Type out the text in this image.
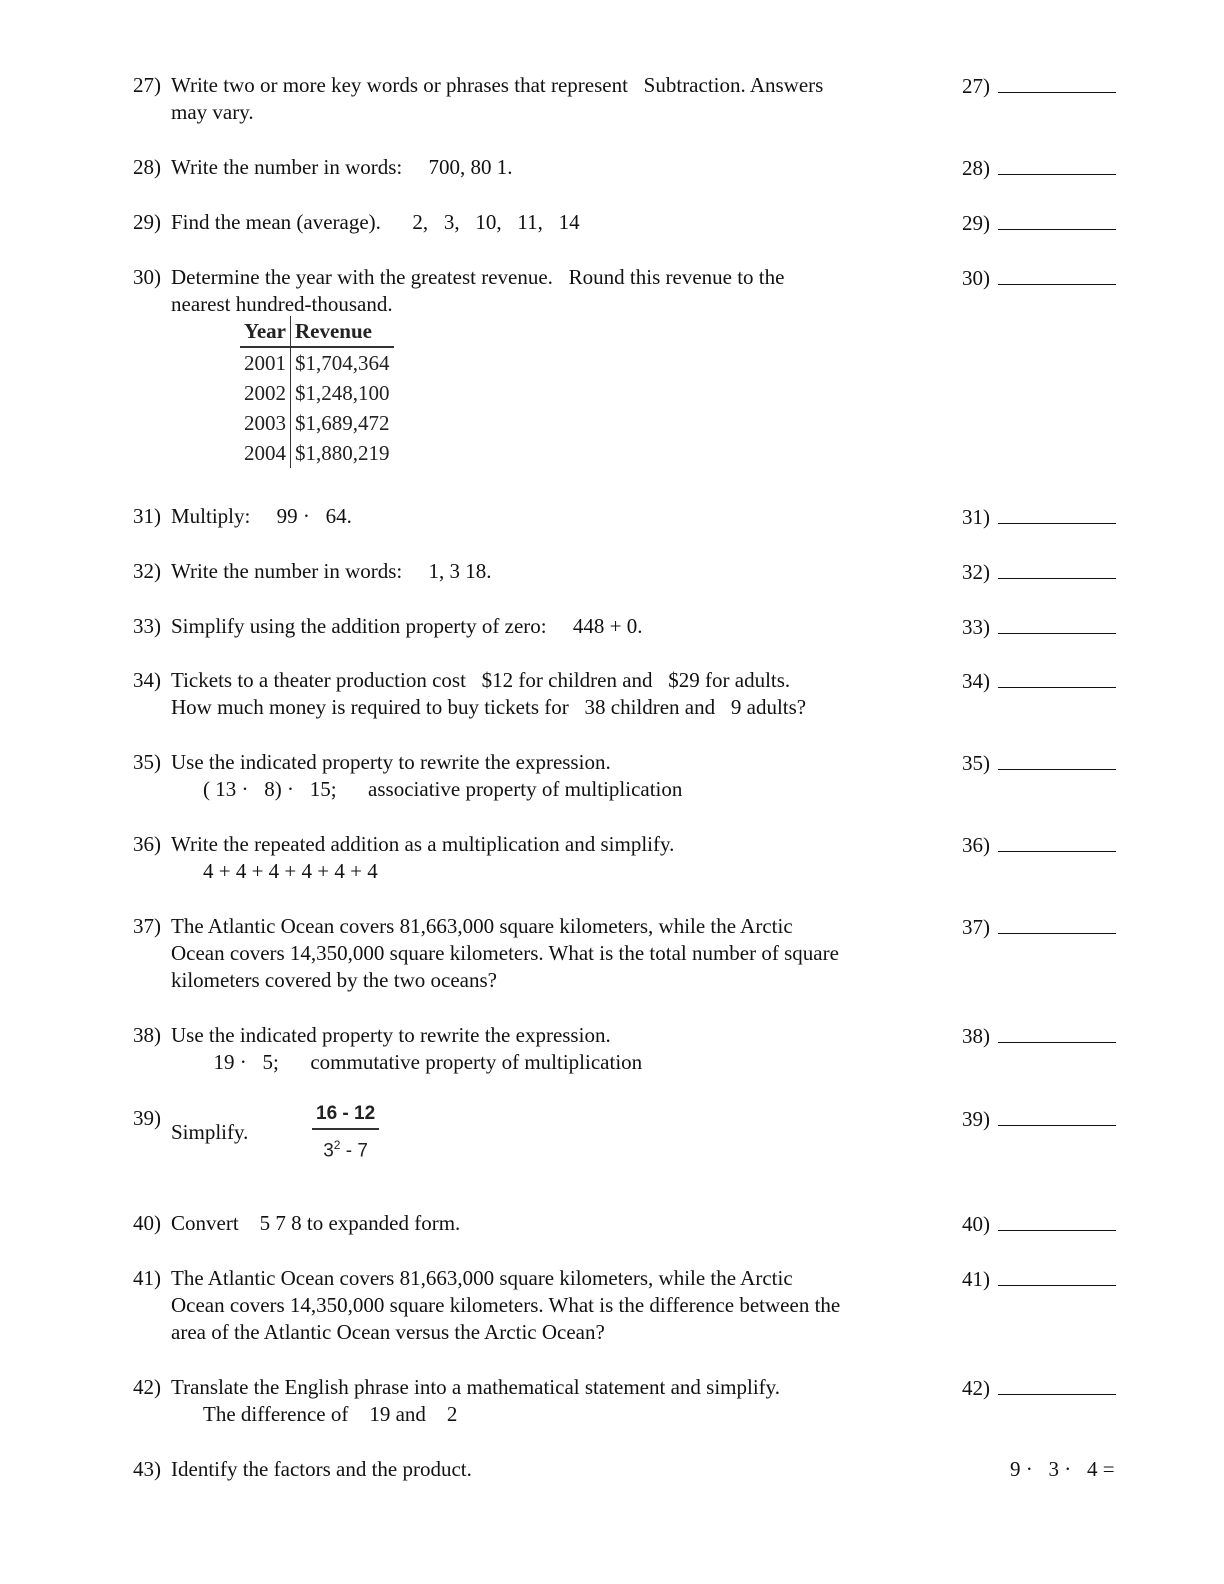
27) Write two or more key words or phrases that represent   Subtraction. Answers
may vary.
27)
28) Write the number in words:     700, 80 1.	28)
29) Find the mean (average).      2,   3,   10,   11,   14	29)
30) Determine the year with the greatest revenue.   Round this revenue to the
nearest hundred-thousand.
30)
Year	Revenue
2001	$1,704,364
2002	$1,248,100
2003	$1,689,472
2004	$1,880,219
31) Multiply:     99 ·   64.	31)
32) Write the number in words:     1, 3 18.	32)
33) Simplify using the addition property of zero:     448 + 0.	33)
34) Tickets to a theater production cost   $12 for children and   $29 for adults.
How much money is required to buy tickets for   38 children and   9 adults?
34)
35) Use the indicated property to rewrite the expression.
( 13 ·   8) ·   15;      associative property of multiplication
35)
36) Write the repeated addition as a multiplication and simplify.
4 + 4 + 4 + 4 + 4 + 4
36)
37) The Atlantic Ocean covers 81,663,000 square kilometers, while the Arctic
Ocean covers 14,350,000 square kilometers. What is the total number of square
kilometers covered by the two oceans?
37)
38) Use the indicated property to rewrite the expression.
19 ·   5;      commutative property of multiplication
38)
39)
Simplify.	$\frac{16 - 12}{3^2 - 7}$	39)
40) Convert    5 7 8 to expanded form.	40)
41) The Atlantic Ocean covers 81,663,000 square kilometers, while the Arctic
Ocean covers 14,350,000 square kilometers. What is the difference between the
area of the Atlantic Ocean versus the Arctic Ocean?
41)
42) Translate the English phrase into a mathematical statement and simplify.
The difference of    19 and    2
42)
43) Identify the factors and the product.	9 ·   3 ·   4 =
